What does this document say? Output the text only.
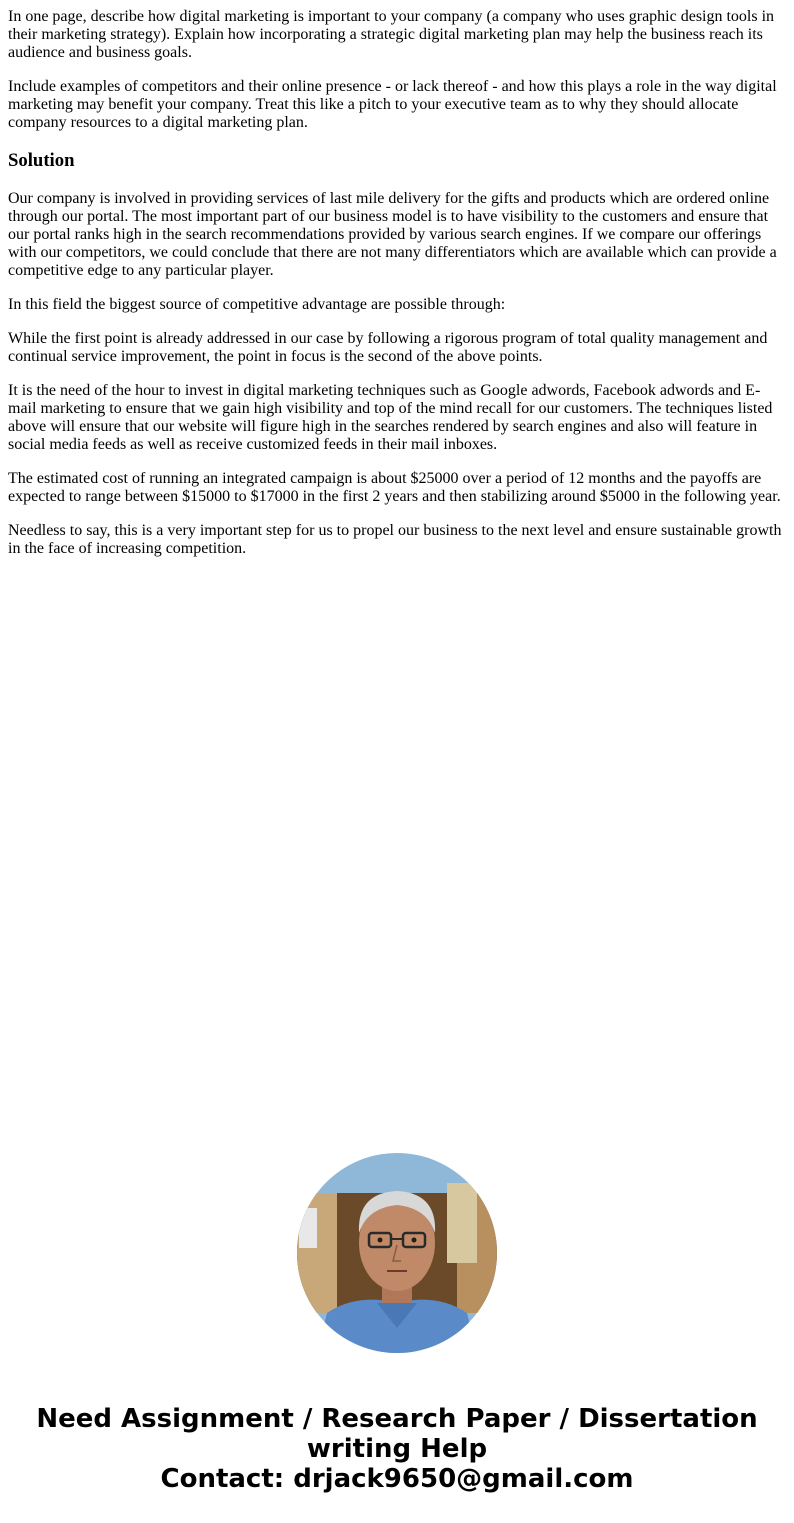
In one page, describe how digital marketing is important to your company (a company who uses graphic design tools in their marketing strategy). Explain how incorporating a strategic digital marketing plan may help the business reach its audience and business goals.

Include examples of competitors and their online presence - or lack thereof - and how this plays a role in the way digital marketing may benefit your company. Treat this like a pitch to your executive team as to why they should allocate company resources to a digital marketing plan.

Solution

Our company is involved in providing services of last mile delivery for the gifts and products which are ordered online through our portal. The most important part of our business model is to have visibility to the customers and ensure that our portal ranks high in the search recommendations provided by various search engines. If we compare our offerings with our competitors, we could conclude that there are not many differentiators which are available which can provide a competitive edge to any particular player.

In this field the biggest source of competitive advantage are possible through:

While the first point is already addressed in our case by following a rigorous program of total quality management and continual service improvement, the point in focus is the second of the above points.

It is the need of the hour to invest in digital marketing techniques such as Google adwords, Facebook adwords and E-mail marketing to ensure that we gain high visibility and top of the mind recall for our customers. The techniques listed above will ensure that our website will figure high in the searches rendered by search engines and also will feature in social media feeds as well as receive customized feeds in their mail inboxes.

The estimated cost of running an integrated campaign is about $25000 over a period of 12 months and the payoffs are expected to range between $15000 to $17000 in the first 2 years and then stabilizing around $5000 in the following year.

Needless to say, this is a very important step for us to propel our business to the next level and ensure sustainable growth in the face of increasing competition.

Need Assignment / Research Paper / Dissertation
writing Help
Contact: drjack9650@gmail.com
